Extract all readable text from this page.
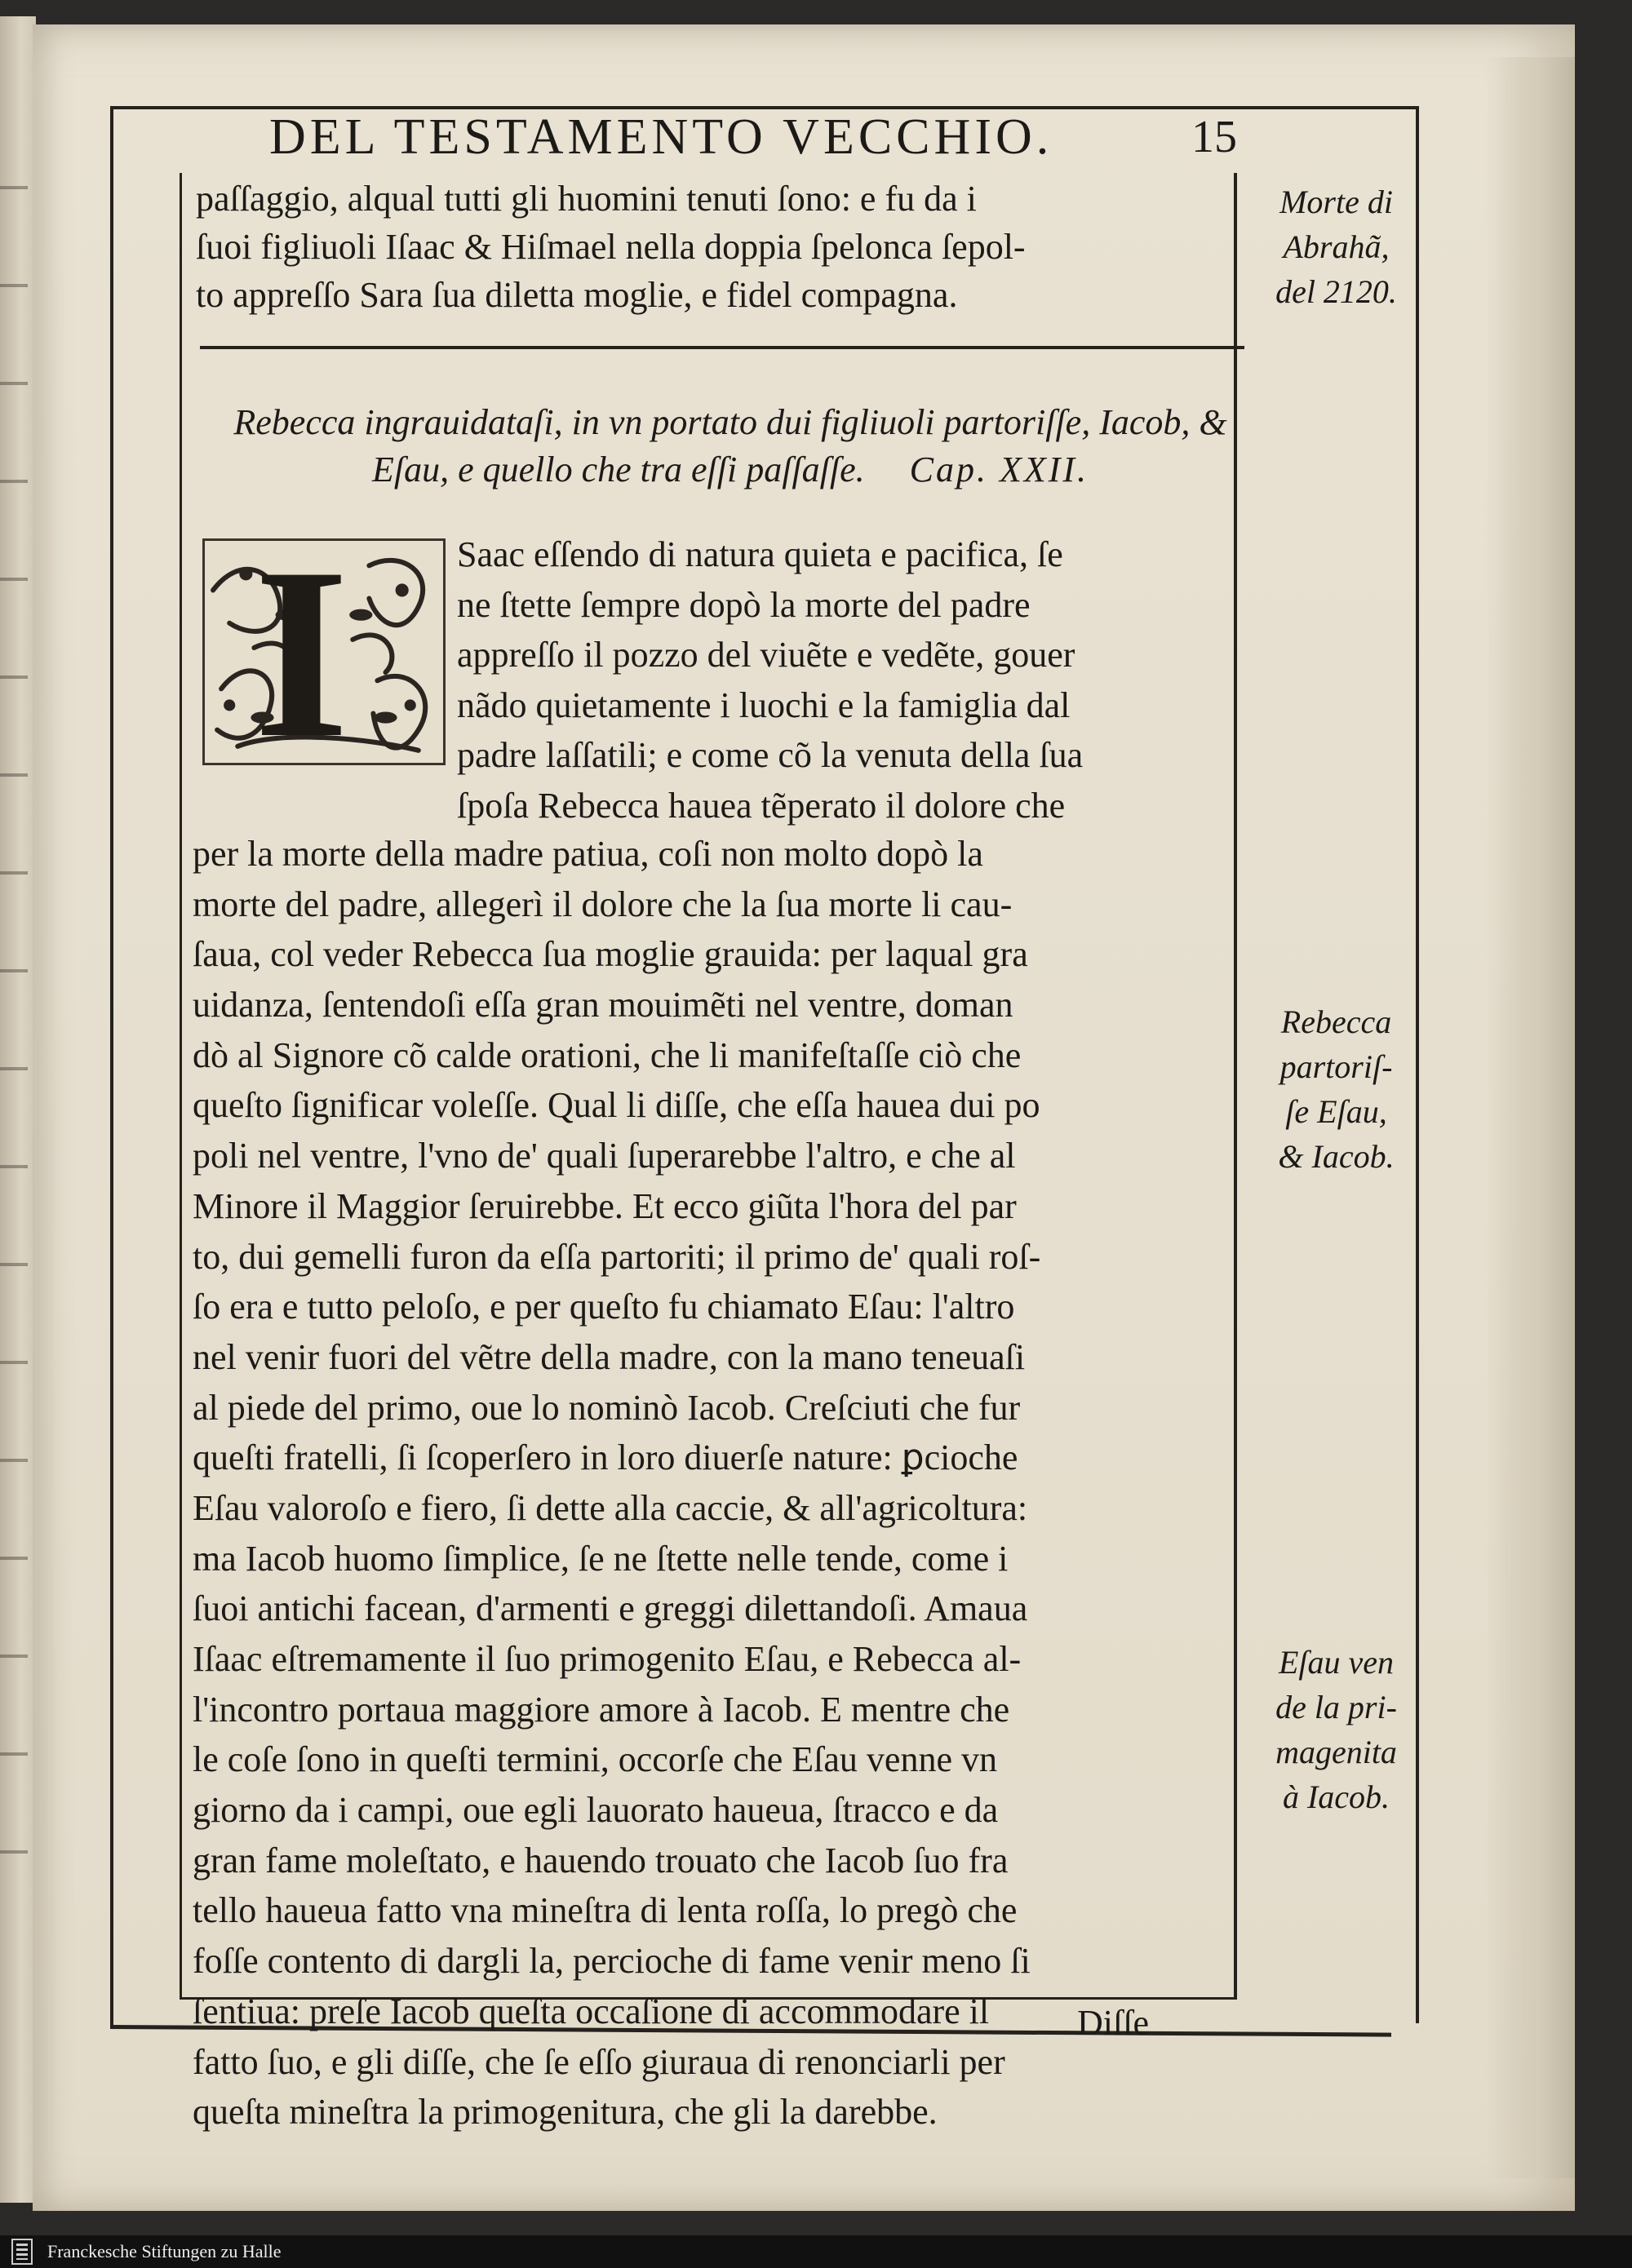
DEL TESTAMENTO VECCHIO.	15
paſſaggio, alqual tutti gli huomini tenuti ſono: e fu da i
ſuoi figliuoli Iſaac & Hiſmael nella doppia ſpelonca ſepol-
to appreſſo Sara ſua diletta moglie, e fidel compagna.
Rebecca ingrauidataſi, in vn portato dui figliuoli partoriſſe, Iacob, &
Eſau, e quello che tra eſſi paſſaſſe. Cap. XXII.
I	Saac eſſendo di natura quieta e pacifica, ſe
ne ſtette ſempre dopò la morte del padre
appreſſo il pozzo del viuẽte e vedẽte, gouer
nãdo quietamente i luochi e la famiglia dal
padre laſſatili; e come cõ la venuta della ſua
ſpoſa Rebecca hauea tẽperato il dolore che
per la morte della madre patiua, coſi non molto dopò la
morte del padre, allegerì il dolore che la ſua morte li cau-
ſaua, col veder Rebecca ſua moglie grauida: per laqual gra
uidanza, ſentendoſi eſſa gran mouimẽti nel ventre, doman
dò al Signore cõ calde orationi, che li manifeſtaſſe ciò che
queſto ſignificar voleſſe. Qual li diſſe, che eſſa hauea dui po
poli nel ventre, l'vno de' quali ſuperarebbe l'altro, e che al
Minore il Maggior ſeruirebbe. Et ecco giũta l'hora del par
to, dui gemelli furon da eſſa partoriti; il primo de' quali roſ-
ſo era e tutto peloſo, e per queſto fu chiamato Eſau: l'altro
nel venir fuori del vẽtre della madre, con la mano teneuaſi
al piede del primo, oue lo nominò Iacob. Creſciuti che fur
queſti fratelli, ſi ſcoperſero in loro diuerſe nature: ꝑcioche
Eſau valoroſo e fiero, ſi dette alla caccie, & all'agricoltura:
ma Iacob huomo ſimplice, ſe ne ſtette nelle tende, come i
ſuoi antichi facean, d'armenti e greggi dilettandoſi. Amaua
Iſaac eſtremamente il ſuo primogenito Eſau, e Rebecca al-
l'incontro portaua maggiore amore à Iacob. E mentre che
le coſe ſono in queſti termini, occorſe che Eſau venne vn
giorno da i campi, oue egli lauorato haueua, ſtracco e da
gran fame moleſtato, e hauendo trouato che Iacob ſuo fra
tello haueua fatto vna mineſtra di lenta roſſa, lo pregò che
foſſe contento di dargli la, percioche di fame venir meno ſi
ſentiua: preſe Iacob queſta occaſione di accommodare il
fatto ſuo, e gli diſſe, che ſe eſſo giuraua di renonciarli per
queſta mineſtra la primogenitura, che gli la darebbe.
Morte di
Abrahã,
del 2120.
Rebecca
partoriſ-
ſe Eſau,
& Iacob.
Eſau ven
de la pri-
magenita
à Iacob.
Diſſe
Franckesche Stiftungen zu Halle
